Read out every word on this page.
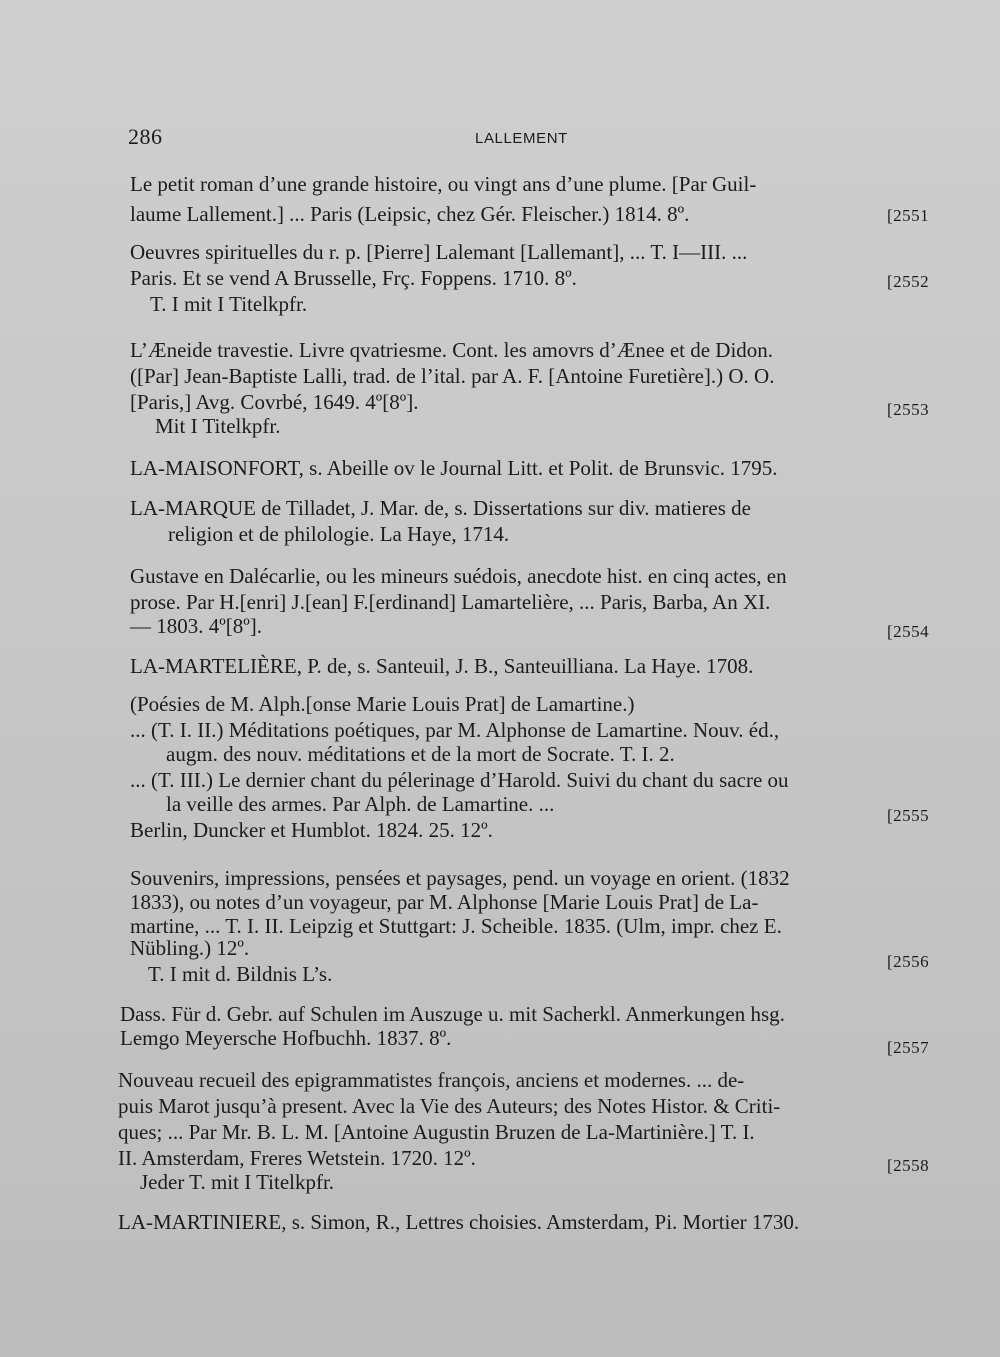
286	LALLEMENT
Le petit roman d’une grande histoire, ou vingt ans d’une plume. [Par Guil-
laume Lallement.] ... Paris (Leipsic, chez Gér. Fleischer.) 1814. 8º.	[2551
Oeuvres spirituelles du r. p. [Pierre] Lalemant [Lallemant], ... T. I—III. ...
Paris. Et se vend A Brusselle, Frç. Foppens. 1710. 8º.
T. I mit I Titelkpfr.
[2552
L’Æneide travestie. Livre qvatriesme. Cont. les amovrs d’Ænee et de Didon.
([Par] Jean-Baptiste Lalli, trad. de l’ital. par A. F. [Antoine Furetière].) O. O.
[Paris,] Avg. Covrbé, 1649. 4º[8º].
Mit I Titelkpfr.
[2553
LA-MAISONFORT, s. Abeille ov le Journal Litt. et Polit. de Brunsvic. 1795.
LA-MARQUE de Tilladet, J. Mar. de, s. Dissertations sur div. matieres de
religion et de philologie. La Haye, 1714.
Gustave en Dalécarlie, ou les mineurs suédois, anecdote hist. en cinq actes, en
prose. Par H.[enri] J.[ean] F.[erdinand] Lamartelière, ... Paris, Barba, An XI.
— 1803. 4º[8º].	[2554
LA-MARTELIÈRE, P. de, s. Santeuil, J. B., Santeuilliana. La Haye. 1708.
(Poésies de M. Alph.[onse Marie Louis Prat] de Lamartine.)
... (T. I. II.) Méditations poétiques, par M. Alphonse de Lamartine. Nouv. éd.,
augm. des nouv. méditations et de la mort de Socrate. T. I. 2.
... (T. III.) Le dernier chant du pélerinage d’Harold. Suivi du chant du sacre ou
la veille des armes. Par Alph. de Lamartine. ...
Berlin, Duncker et Humblot. 1824. 25. 12º.
[2555
Souvenirs, impressions, pensées et paysages, pend. un voyage en orient. (1832
1833), ou notes d’un voyageur, par M. Alphonse [Marie Louis Prat] de La-
martine, ... T. I. II. Leipzig et Stuttgart: J. Scheible. 1835. (Ulm, impr. chez E.
Nübling.) 12º.
T. I mit d. Bildnis L’s.
[2556
Dass. Für d. Gebr. auf Schulen im Auszuge u. mit Sacherkl. Anmerkungen hsg.
Lemgo Meyersche Hofbuchh. 1837. 8º.	[2557
Nouveau recueil des epigrammatistes françois, anciens et modernes. ... de-
puis Marot jusqu’à present. Avec la Vie des Auteurs; des Notes Histor. & Criti-
ques; ... Par Mr. B. L. M. [Antoine Augustin Bruzen de La-Martinière.] T. I.
II. Amsterdam, Freres Wetstein. 1720. 12º.
Jeder T. mit I Titelkpfr.
[2558
LA-MARTINIERE, s. Simon, R., Lettres choisies. Amsterdam, Pi. Mortier 1730.
